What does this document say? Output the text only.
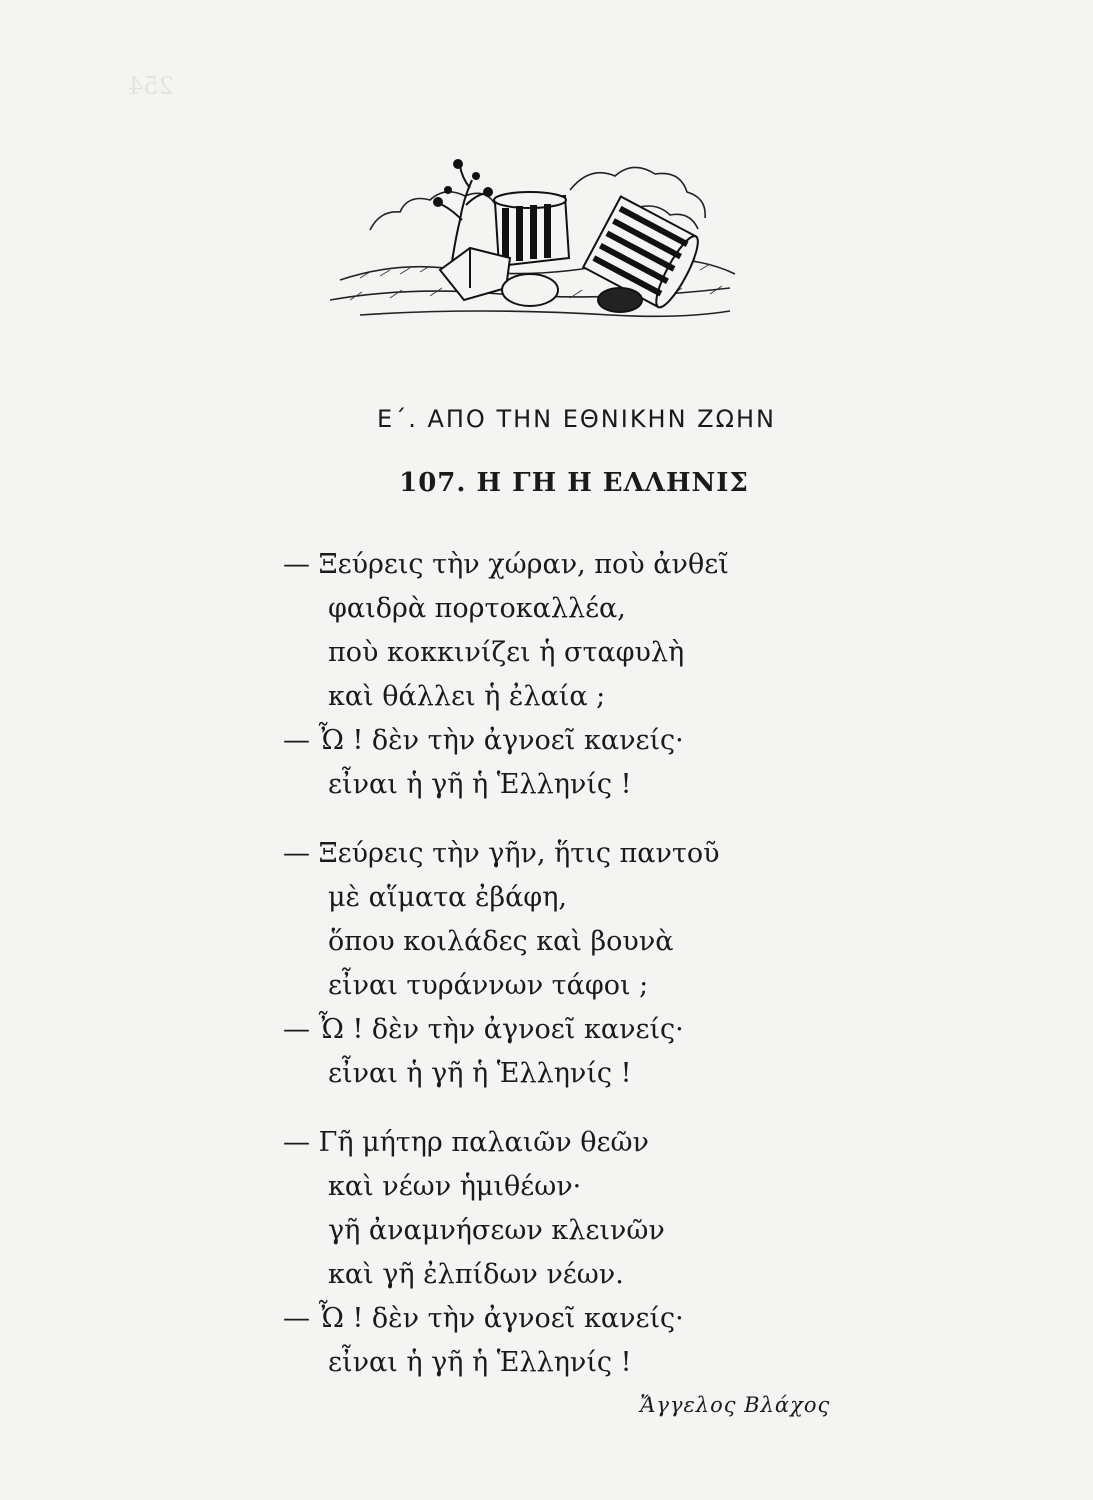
254
Ε΄. ΑΠΟ ΤΗΝ ΕΘΝΙΚΗΝ ΖΩΗΝ
107. Η ΓΗ Η ΕΛΛΗΝΙΣ
— Ξεύρεις τὴν χώραν, ποὺ ἀνθεῖ
φαιδρὰ πορτοκαλλέα,
ποὺ κοκκινίζει ἡ σταφυλὴ
καὶ θάλλει ἡ ἐλαία ;
— Ὦ ! δὲν τὴν ἀγνοεῖ κανείς·
εἶναι ἡ γῆ ἡ Ἑλληνίς !
— Ξεύρεις τὴν γῆν, ἥτις παντοῦ
μὲ αἵματα ἐβάφη,
ὅπου κοιλάδες καὶ βουνὰ
εἶναι τυράννων τάφοι ;
— Ὦ ! δὲν τὴν ἀγνοεῖ κανείς·
εἶναι ἡ γῆ ἡ Ἑλληνίς !
— Γῆ μήτηρ παλαιῶν θεῶν
καὶ νέων ἡμιθέων·
γῆ ἀναμνήσεων κλεινῶν
καὶ γῆ ἐλπίδων νέων.
— Ὦ ! δὲν τὴν ἀγνοεῖ κανείς·
εἶναι ἡ γῆ ἡ Ἑλληνίς !
Ἄγγελος Βλάχος
